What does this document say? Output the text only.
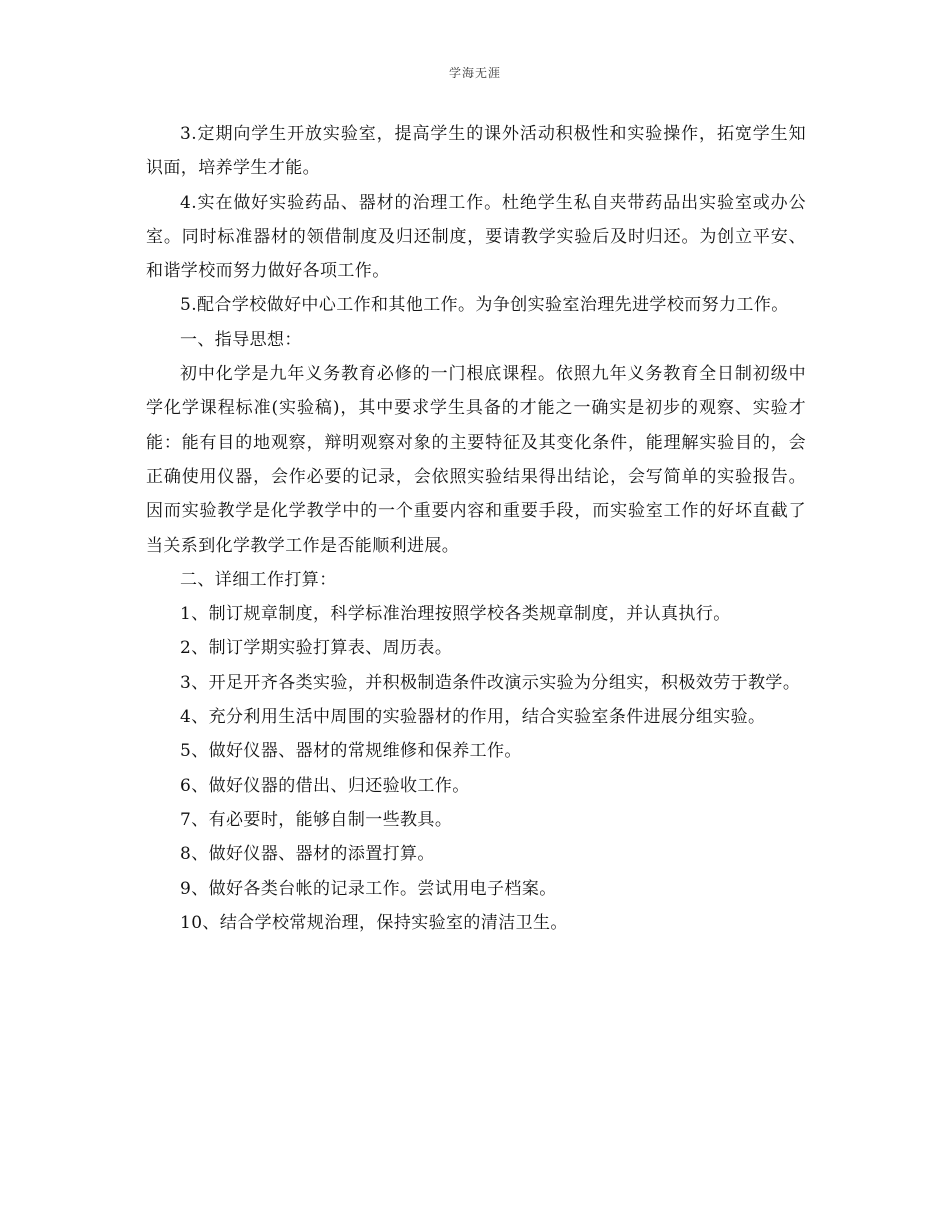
学海无涯

3.定期向学生开放实验室，提高学生的课外活动积极性和实验操作，拓宽学生知识面，培养学生才能。

4.实在做好实验药品、器材的治理工作。杜绝学生私自夹带药品出实验室或办公室。同时标准器材的领借制度及归还制度，要请教学实验后及时归还。为创立平安、和谐学校而努力做好各项工作。

5.配合学校做好中心工作和其他工作。为争创实验室治理先进学校而努力工作。

一、指导思想：

初中化学是九年义务教育必修的一门根底课程。依照九年义务教育全日制初级中学化学课程标准(实验稿)，其中要求学生具备的才能之一确实是初步的观察、实验才能：能有目的地观察，辩明观察对象的主要特征及其变化条件，能理解实验目的，会正确使用仪器，会作必要的记录，会依照实验结果得出结论，会写简单的实验报告。因而实验教学是化学教学中的一个重要内容和重要手段，而实验室工作的好坏直截了当关系到化学教学工作是否能顺利进展。

二、详细工作打算：

1、制订规章制度，科学标准治理按照学校各类规章制度，并认真执行。

2、制订学期实验打算表、周历表。

3、开足开齐各类实验，并积极制造条件改演示实验为分组实，积极效劳于教学。

4、充分利用生活中周围的实验器材的作用，结合实验室条件进展分组实验。

5、做好仪器、器材的常规维修和保养工作。

6、做好仪器的借出、归还验收工作。

7、有必要时，能够自制一些教具。

8、做好仪器、器材的添置打算。

9、做好各类台帐的记录工作。尝试用电子档案。

10、结合学校常规治理，保持实验室的清洁卫生。
